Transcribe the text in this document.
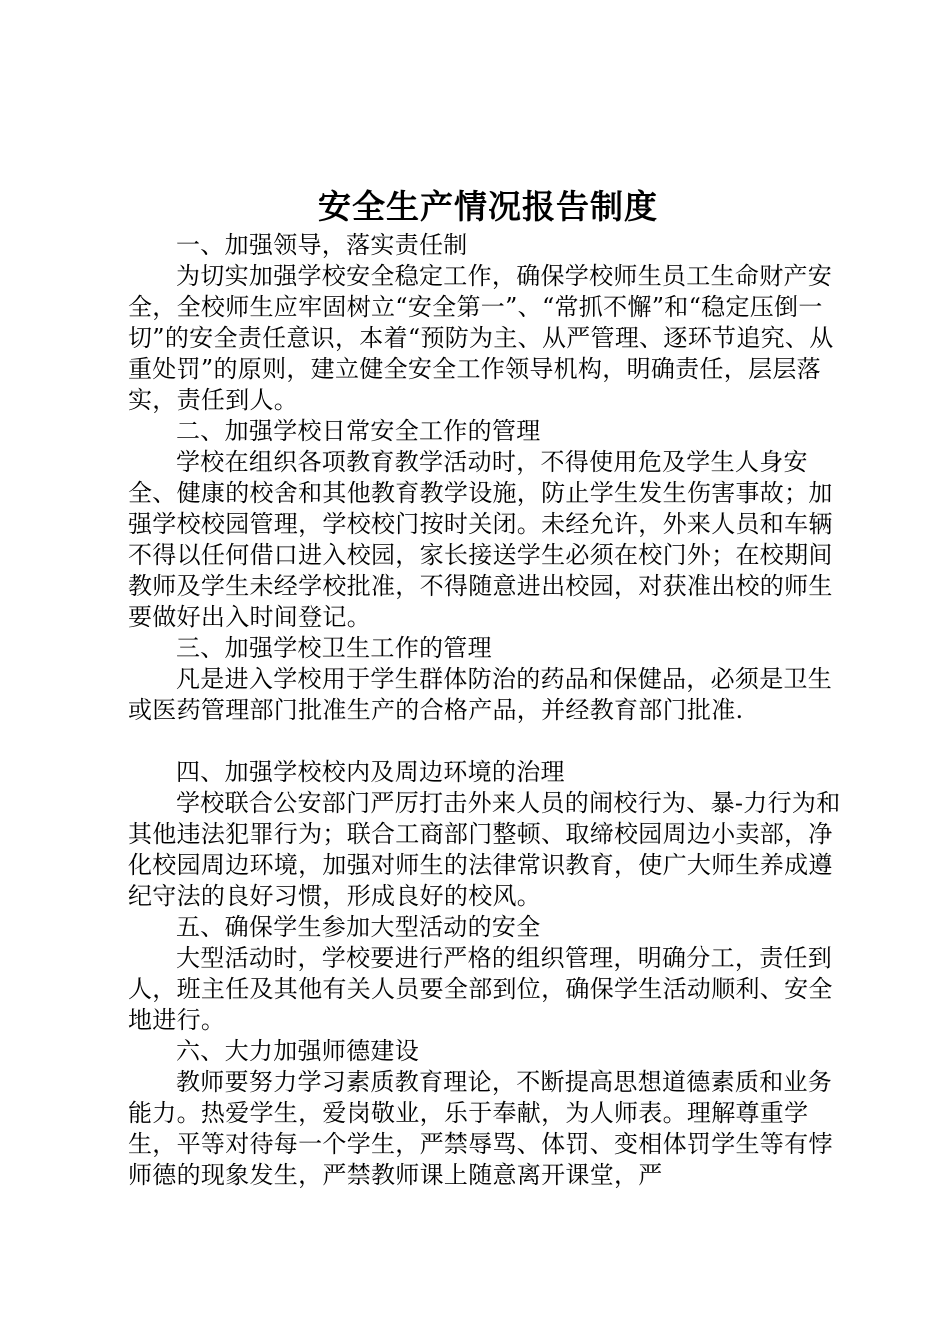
安全生产情况报告制度

一、加强领导，落实责任制

为切实加强学校安全稳定工作，确保学校师生员工生命财产安全，全校师生应牢固树立“安全第一”、“常抓不懈”和“稳定压倒一切”的安全责任意识，本着“预防为主、从严管理、逐环节追究、从重处罚”的原则，建立健全安全工作领导机构，明确责任，层层落实，责任到人。

二、加强学校日常安全工作的管理

学校在组织各项教育教学活动时，不得使用危及学生人身安全、健康的校舍和其他教育教学设施，防止学生发生伤害事故；加强学校校园管理，学校校门按时关闭。未经允许，外来人员和车辆不得以任何借口进入校园，家长接送学生必须在校门外；在校期间教师及学生未经学校批准，不得随意进出校园，对获准出校的师生要做好出入时间登记。

三、加强学校卫生工作的管理

凡是进入学校用于学生群体防治的药品和保健品，必须是卫生或医药管理部门批准生产的合格产品，并经教育部门批准.

四、加强学校校内及周边环境的治理

学校联合公安部门严厉打击外来人员的闹校行为、暴-力行为和其他违法犯罪行为；联合工商部门整顿、取缔校园周边小卖部，净化校园周边环境，加强对师生的法律常识教育，使广大师生养成遵纪守法的良好习惯，形成良好的校风。

五、确保学生参加大型活动的安全

大型活动时，学校要进行严格的组织管理，明确分工，责任到人，班主任及其他有关人员要全部到位，确保学生活动顺利、安全地进行。

六、大力加强师德建设

教师要努力学习素质教育理论，不断提高思想道德素质和业务能力。热爱学生，爱岗敬业，乐于奉献，为人师表。理解尊重学生，平等对待每一个学生，严禁辱骂、体罚、变相体罚学生等有悖师德的现象发生，严禁教师课上随意离开课堂，严
